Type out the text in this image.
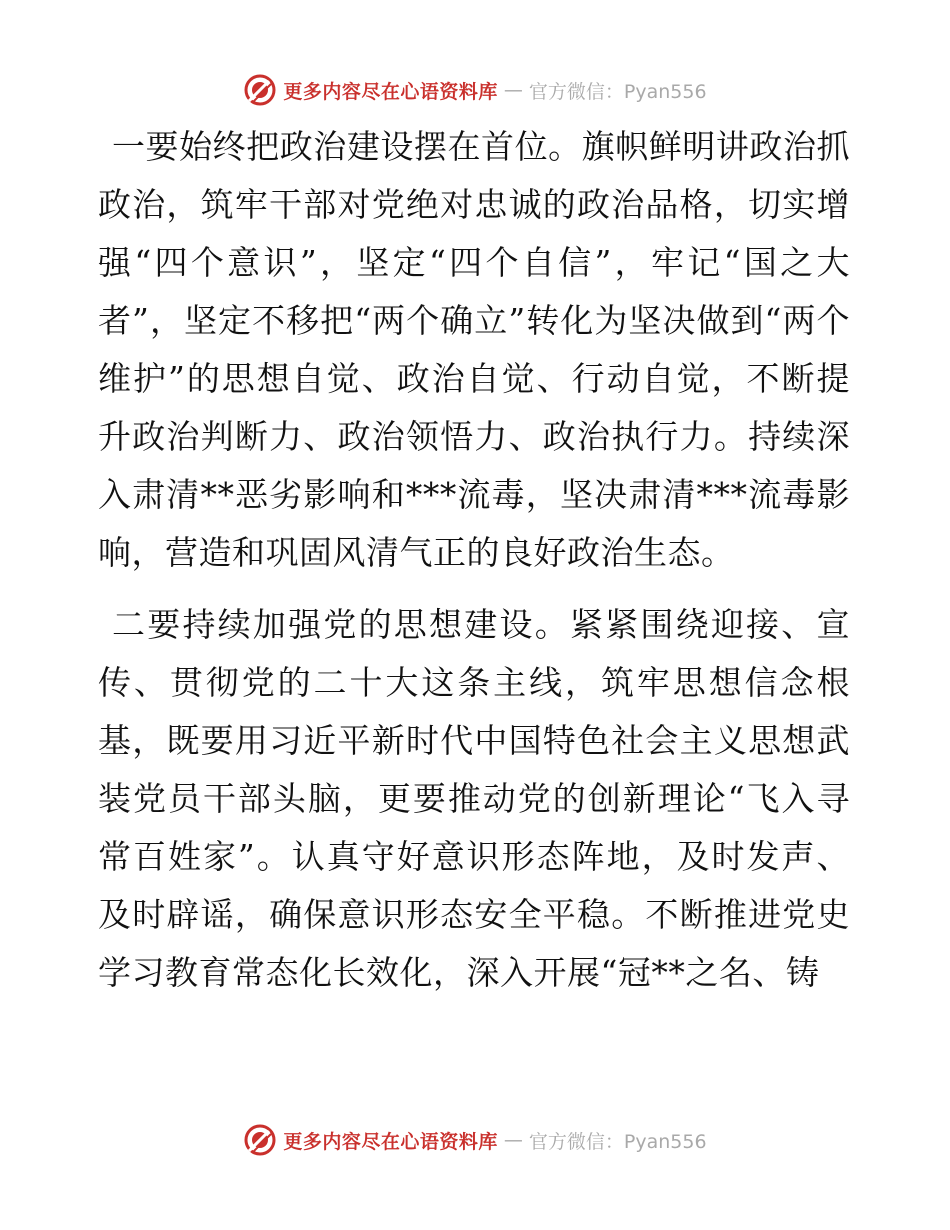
更多内容尽在心语资料库 — 官方微信：Pyan556

一要始终把政治建设摆在首位。旗帜鲜明讲政治抓政治，筑牢干部对党绝对忠诚的政治品格，切实增强“四个意识”，坚定“四个自信”，牢记“国之大者”，坚定不移把“两个确立”转化为坚决做到“两个维护”的思想自觉、政治自觉、行动自觉，不断提升政治判断力、政治领悟力、政治执行力。持续深入肃清**恶劣影响和***流毒，坚决肃清***流毒影响，营造和巩固风清气正的良好政治生态。

二要持续加强党的思想建设。紧紧围绕迎接、宣传、贯彻党的二十大这条主线，筑牢思想信念根基，既要用习近平新时代中国特色社会主义思想武装党员干部头脑，更要推动党的创新理论“飞入寻常百姓家”。认真守好意识形态阵地，及时发声、及时辟谣，确保意识形态安全平稳。不断推进党史学习教育常态化长效化，深入开展“冠**之名、铸

更多内容尽在心语资料库 — 官方微信：Pyan556
